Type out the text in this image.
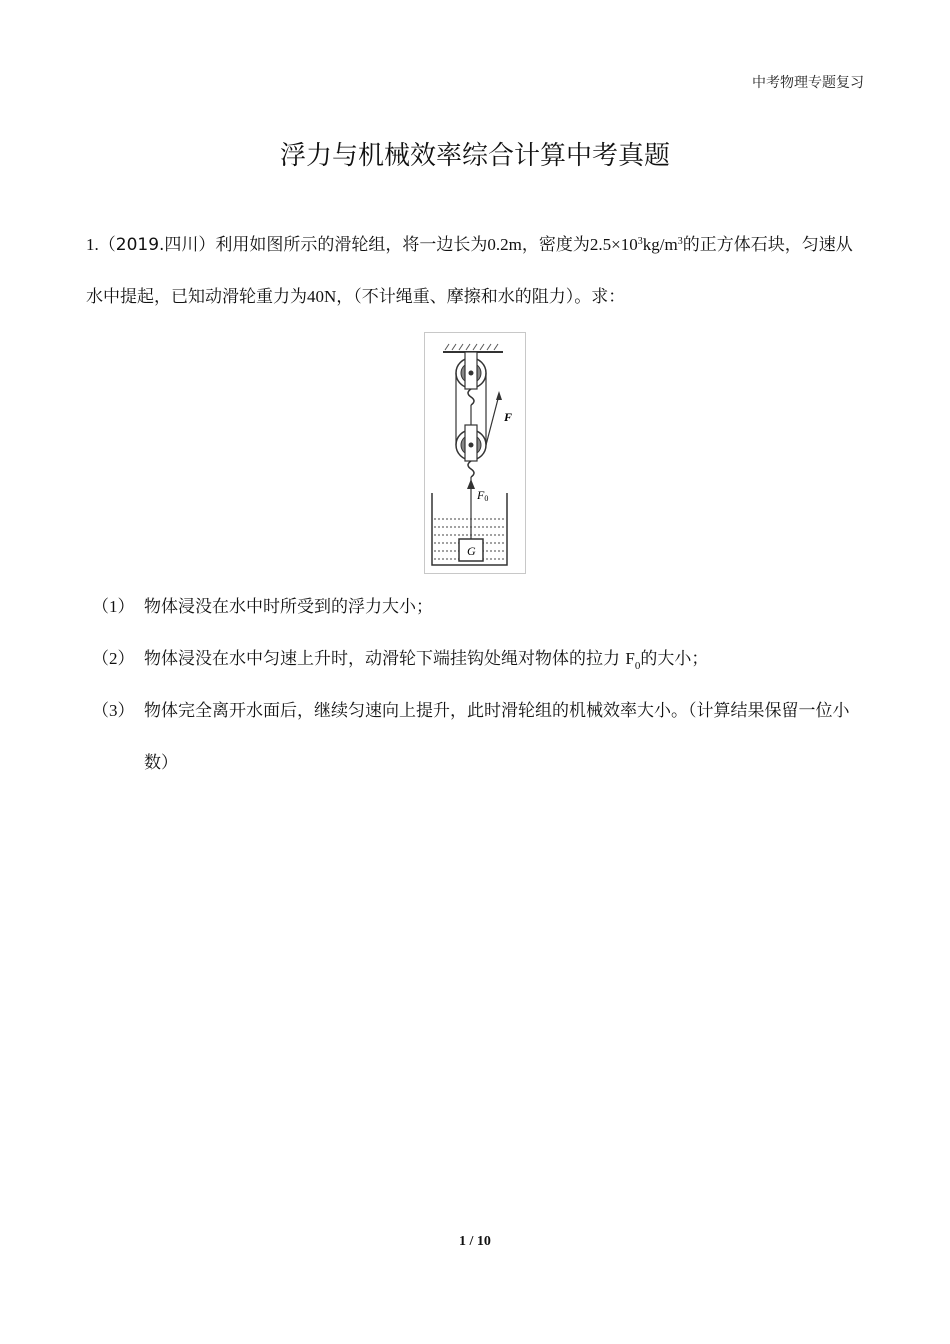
中考物理专题复习
浮力与机械效率综合计算中考真题
1.（2019.四川）利用如图所示的滑轮组，将一边长为0.2m，密度为$2.5\times 10^3kg/m^3$的正方体石块，匀速从水中提起，已知动滑轮重力为40N，（不计绳重、摩擦和水的阻力）。求：
F
F0
G
（1） 物体浸没在水中时所受到的浮力大小；
（2） 物体浸没在水中匀速上升时，动滑轮下端挂钩处绳对物体的拉力 $F_0$的大小；
（3） 物体完全离开水面后，继续匀速向上提升，此时滑轮组的机械效率大小。（计算结果保留一位小数）
1 / 10
